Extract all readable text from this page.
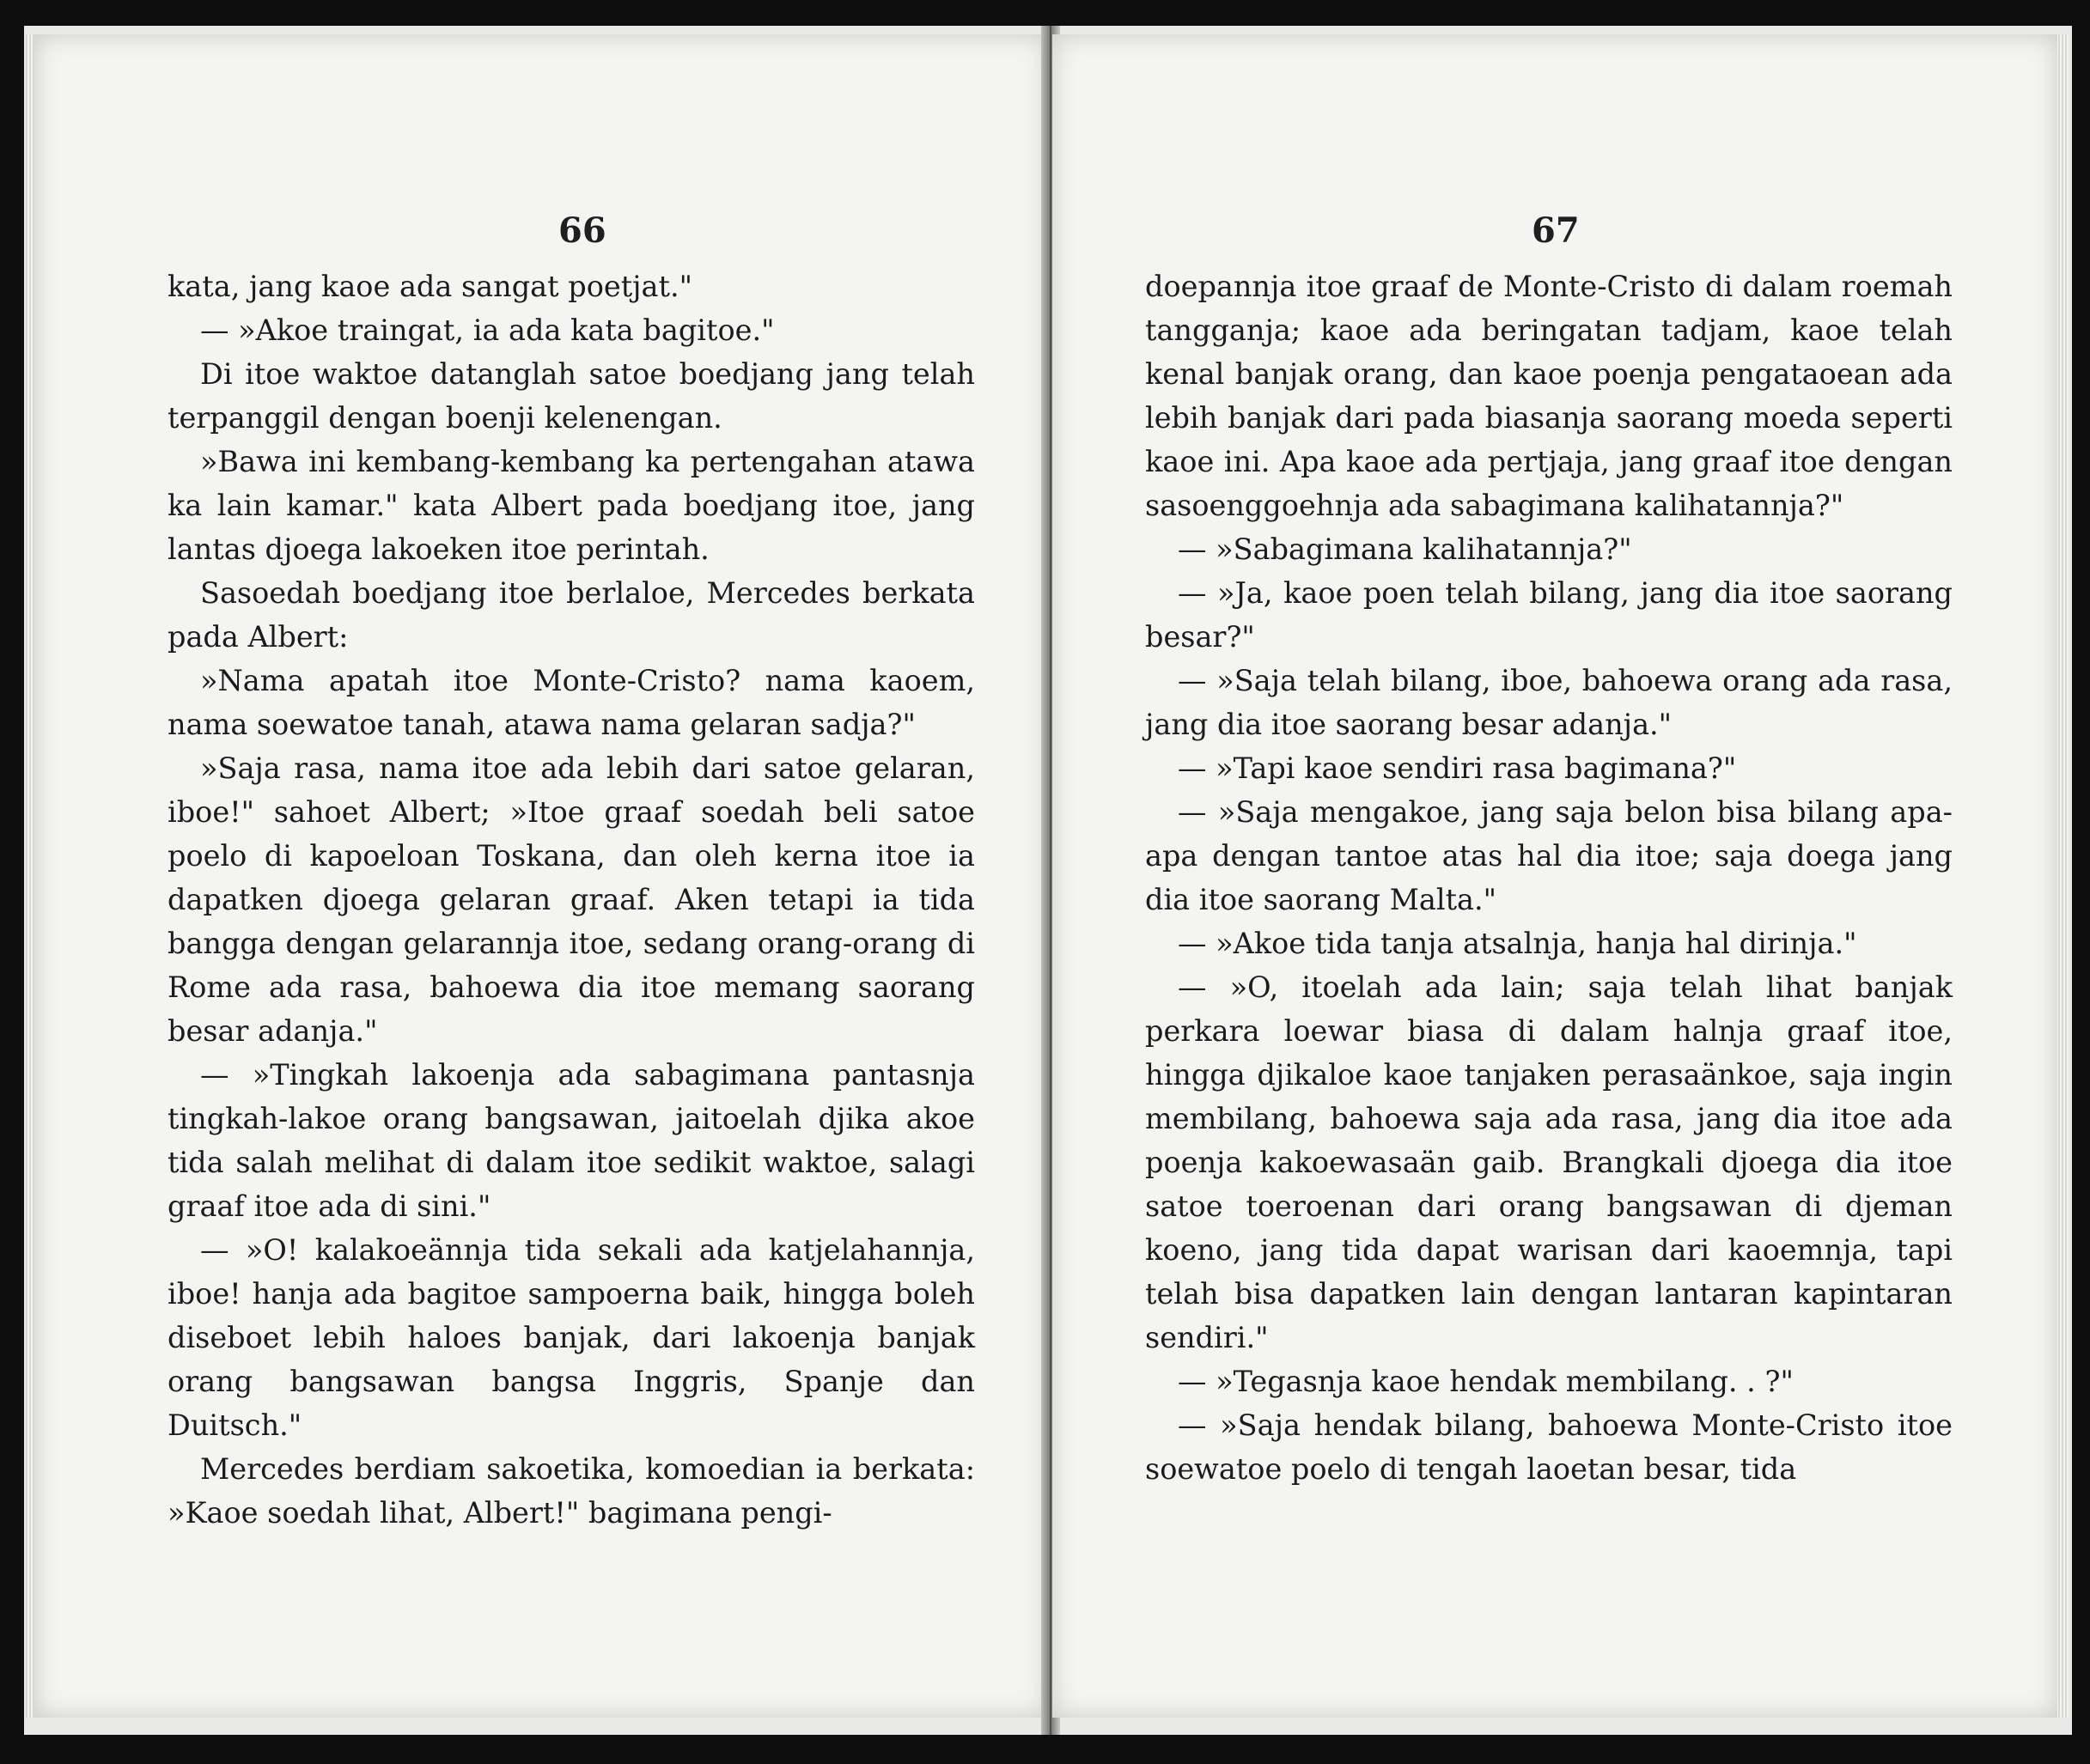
66

kata, jang kaoe ada sangat poetjat."

— »Akoe traingat, ia ada kata bagitoe."

Di itoe waktoe datanglah satoe boedjang jang telah terpanggil dengan boenji kelenengan.

»Bawa ini kembang-kembang ka pertengahan atawa ka lain kamar." kata Albert pada boedjang itoe, jang lantas djoega lakoeken itoe perintah.

Sasoedah boedjang itoe berlaloe, Mercedes berkata pada Albert:

»Nama apatah itoe Monte-Cristo? nama kaoem, nama soewatoe tanah, atawa nama gelaran sadja?"

»Saja rasa, nama itoe ada lebih dari satoe gelaran, iboe!" sahoet Albert; »Itoe graaf soedah beli satoe poelo di kapoeloan Toskana, dan oleh kerna itoe ia dapatken djoega gelaran graaf. Aken tetapi ia tida bangga dengan gelarannja itoe, sedang orang-orang di Rome ada rasa, bahoewa dia itoe memang saorang besar adanja."

— »Tingkah lakoenja ada sabagimana pantasnja tingkah-lakoe orang bangsawan, jaitoelah djika akoe tida salah melihat di dalam itoe sedikit waktoe, salagi graaf itoe ada di sini."

— »O! kalakoeännja tida sekali ada katjelahannja, iboe! hanja ada bagitoe sampoerna baik, hingga boleh diseboet lebih haloes banjak, dari lakoenja banjak orang bangsawan bangsa Inggris, Spanje dan Duitsch."

Mercedes berdiam sakoetika, komoedian ia berkata: »Kaoe soedah lihat, Albert!" bagimana pengi-

67

doepannja itoe graaf de Monte-Cristo di dalam roemah tangganja; kaoe ada beringatan tadjam, kaoe telah kenal banjak orang, dan kaoe poenja pengataoean ada lebih banjak dari pada biasanja saorang moeda seperti kaoe ini. Apa kaoe ada pertjaja, jang graaf itoe dengan sasoenggoehnja ada sabagimana kalihatannja?"

— »Sabagimana kalihatannja?"

— »Ja, kaoe poen telah bilang, jang dia itoe saorang besar?"

— »Saja telah bilang, iboe, bahoewa orang ada rasa, jang dia itoe saorang besar adanja."

— »Tapi kaoe sendiri rasa bagimana?"

— »Saja mengakoe, jang saja belon bisa bilang apa-apa dengan tantoe atas hal dia itoe; saja doega jang dia itoe saorang Malta."

— »Akoe tida tanja atsalnja, hanja hal dirinja."

— »O, itoelah ada lain; saja telah lihat banjak perkara loewar biasa di dalam halnja graaf itoe, hingga djikaloe kaoe tanjaken perasaänkoe, saja ingin membilang, bahoewa saja ada rasa, jang dia itoe ada poenja kakoewasaän gaib. Brangkali djoega dia itoe satoe toeroenan dari orang bangsawan di djeman koeno, jang tida dapat warisan dari kaoemnja, tapi telah bisa dapatken lain dengan lantaran kapintaran sendiri."

— »Tegasnja kaoe hendak membilang. . ?"

— »Saja hendak bilang, bahoewa Monte-Cristo itoe soewatoe poelo di tengah laoetan besar, tida
